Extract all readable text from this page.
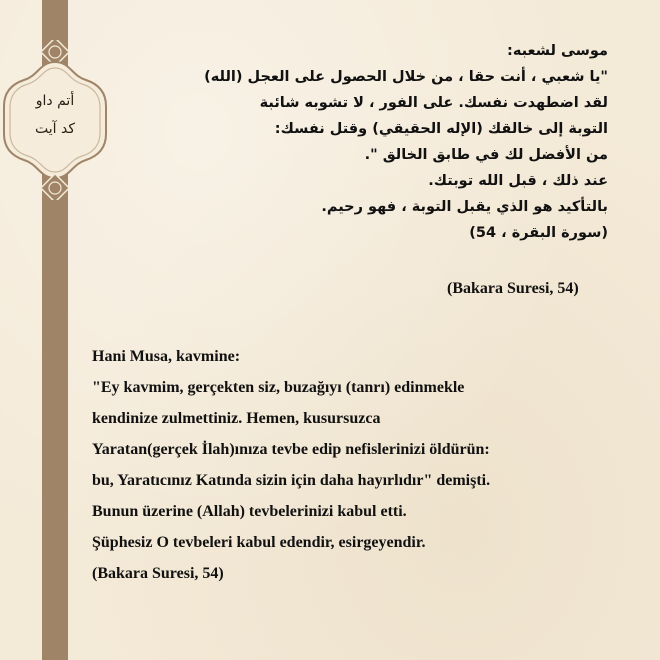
أتم داو
كد آيت
موسى لشعبه:
"يا شعبي ، أنت حقا ، من خلال الحصول على العجل (الله)
لقد اضطهدت نفسك. على الفور ، لا تشوبه شائبة
التوبة إلى خالقك (الإله الحقيقي) وقتل نفسك:
من الأفضل لك في طابق الخالق ".
عند ذلك ، قبل الله توبتك.
بالتأكيد هو الذي يقبل التوبة ، فهو رحيم.
(سورة البقرة ، 54)
(Bakara Suresi, 54)
Hani Musa, kavmine:
"Ey kavmim, gerçekten siz, buzağıyı (tanrı) edinmekle
kendinize zulmettiniz. Hemen, kusursuzca
Yaratan(gerçek İlah)ınıza tevbe edip nefislerinizi öldürün:
bu, Yaratıcınız Katında sizin için daha hayırlıdır" demişti.
Bunun üzerine (Allah) tevbelerinizi kabul etti.
Şüphesiz O tevbeleri kabul edendir, esirgeyendir.
(Bakara Suresi, 54)
